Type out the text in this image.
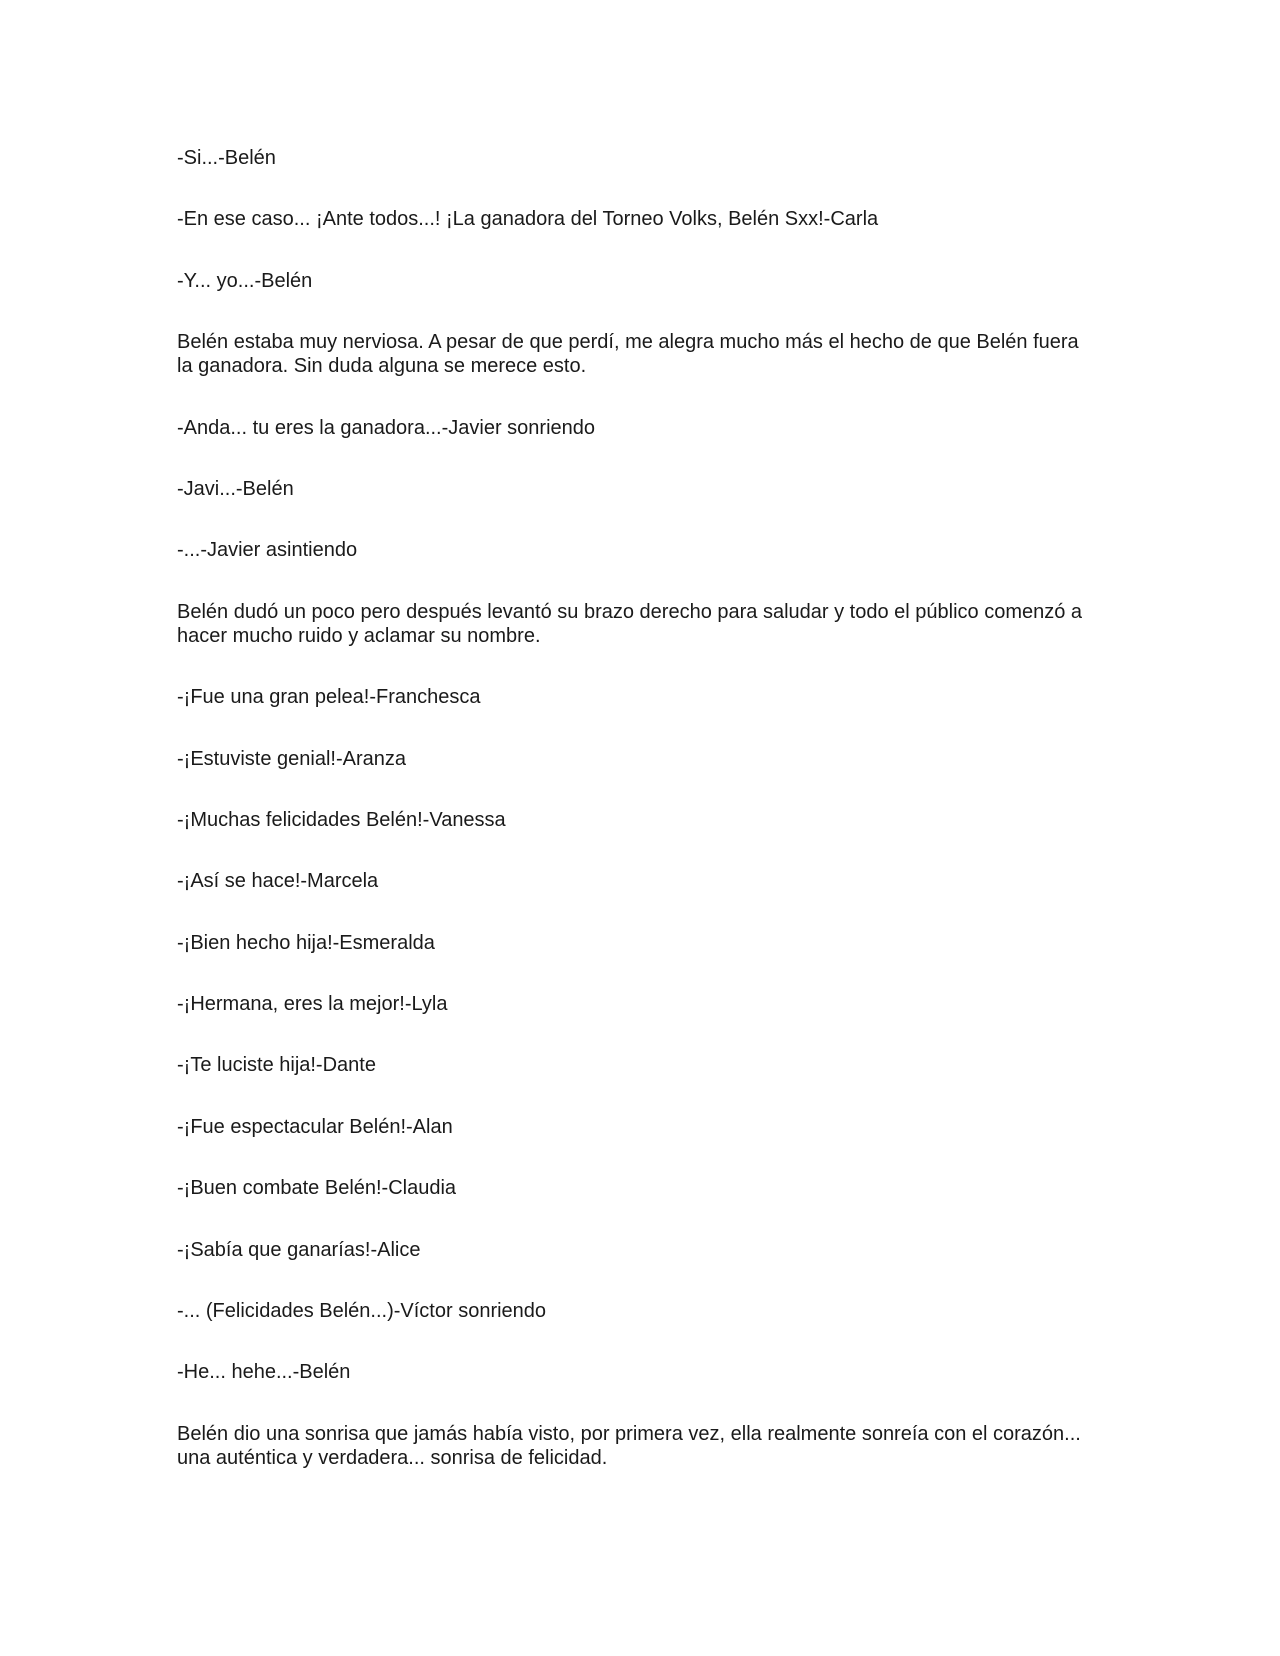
-Si...-Belén

-En ese caso... ¡Ante todos...! ¡La ganadora del Torneo Volks, Belén Sxx!-Carla

-Y... yo...-Belén

Belén estaba muy nerviosa. A pesar de que perdí, me alegra mucho más el hecho de que Belén fuera la ganadora. Sin duda alguna se merece esto.

-Anda... tu eres la ganadora...-Javier sonriendo

-Javi...-Belén

-...-Javier asintiendo

Belén dudó un poco pero después levantó su brazo derecho para saludar y todo el público comenzó a hacer mucho ruido y aclamar su nombre.

-¡Fue una gran pelea!-Franchesca

-¡Estuviste genial!-Aranza

-¡Muchas felicidades Belén!-Vanessa

-¡Así se hace!-Marcela

-¡Bien hecho hija!-Esmeralda

-¡Hermana, eres la mejor!-Lyla

-¡Te luciste hija!-Dante

-¡Fue espectacular Belén!-Alan

-¡Buen combate Belén!-Claudia

-¡Sabía que ganarías!-Alice

-... (Felicidades Belén...)-Víctor sonriendo

-He... hehe...-Belén

Belén dio una sonrisa que jamás había visto, por primera vez, ella realmente sonreía con el corazón... una auténtica y verdadera... sonrisa de felicidad.
